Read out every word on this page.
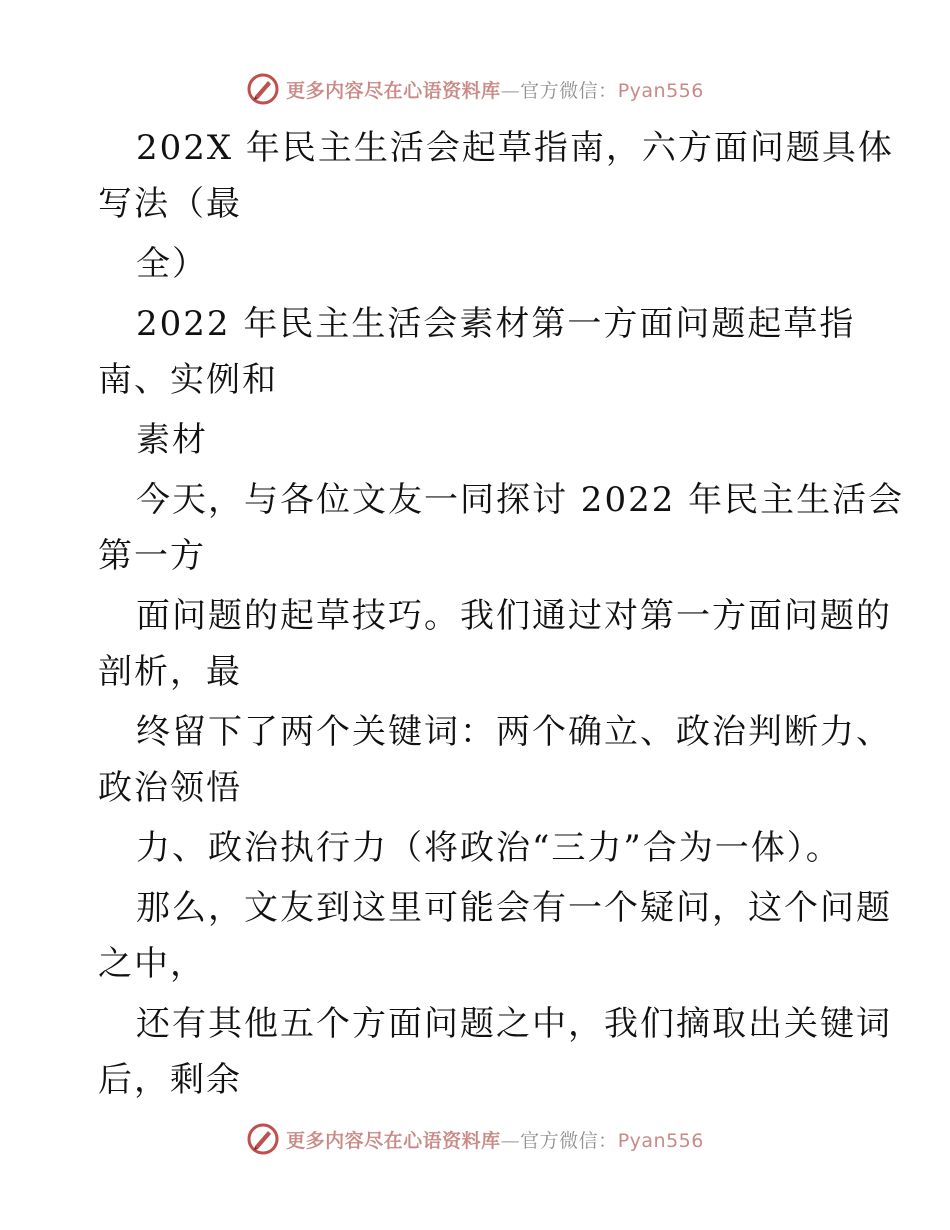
更多内容尽在心语资料库—官方微信：Pyan556
202X 年民主生活会起草指南，六方面问题具体
写法（最
全）
2022 年民主生活会素材第一方面问题起草指
南、实例和
素材
今天，与各位文友一同探讨 2022 年民主生活会
第一方
面问题的起草技巧。我们通过对第一方面问题的
剖析，最
终留下了两个关键词：两个确立、政治判断力、
政治领悟
力、政治执行力（将政治“三力”合为一体）。
那么，文友到这里可能会有一个疑问，这个问题
之中，
还有其他五个方面问题之中，我们摘取出关键词
后，剩余
更多内容尽在心语资料库—官方微信：Pyan556
